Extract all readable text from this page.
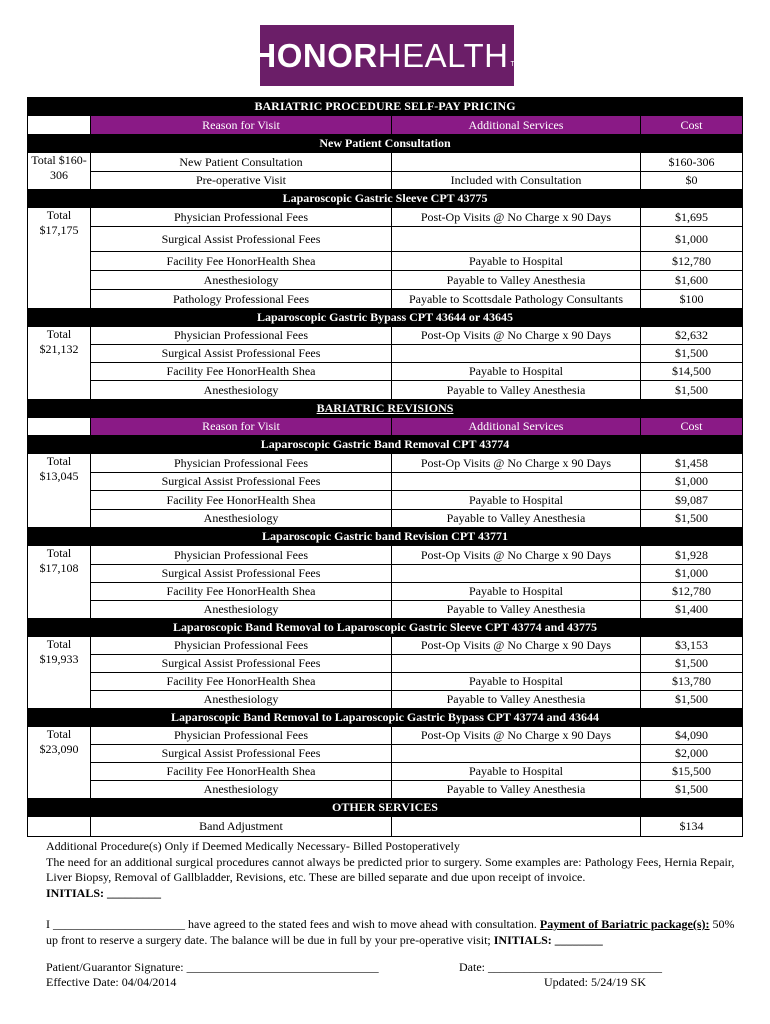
HONOR HEALTH TM
BARIATRIC PROCEDURE SELF-PAY PRICING			
	Reason for Visit	Additional Services	Cost
New Patient Consultation			
Total $160-306	New Patient Consultation		$160-306
	Pre-operative Visit	Included with Consultation	$0
Laparoscopic Gastric Sleeve CPT 43775			
Total $17,175	Physician Professional Fees	Post-Op Visits @ No Charge x 90 Days	$1,695
	Surgical Assist Professional Fees		$1,000
	Facility Fee HonorHealth Shea	Payable to Hospital	$12,780
	Anesthesiology	Payable to Valley Anesthesia	$1,600
	Pathology Professional Fees	Payable to Scottsdale Pathology Consultants	$100
Laparoscopic Gastric Bypass CPT 43644 or 43645			
Total $21,132	Physician Professional Fees	Post-Op Visits @ No Charge x 90 Days	$2,632
	Surgical Assist Professional Fees		$1,500
	Facility Fee HonorHealth Shea	Payable to Hospital	$14,500
	Anesthesiology	Payable to Valley Anesthesia	$1,500
BARIATRIC REVISIONS			
	Reason for Visit	Additional Services	Cost
Laparoscopic Gastric Band Removal CPT 43774			
Total $13,045	Physician Professional Fees	Post-Op Visits @ No Charge x 90 Days	$1,458
	Surgical Assist Professional Fees		$1,000
	Facility Fee HonorHealth Shea	Payable to Hospital	$9,087
	Anesthesiology	Payable to Valley Anesthesia	$1,500
Laparoscopic Gastric band Revision CPT 43771			
Total $17,108	Physician Professional Fees	Post-Op Visits @ No Charge x 90 Days	$1,928
	Surgical Assist Professional Fees		$1,000
	Facility Fee HonorHealth Shea	Payable to Hospital	$12,780
	Anesthesiology	Payable to Valley Anesthesia	$1,400
Laparoscopic Band Removal to Laparoscopic Gastric Sleeve CPT 43774 and 43775			
Total $19,933	Physician Professional Fees	Post-Op Visits @ No Charge x 90 Days	$3,153
	Surgical Assist Professional Fees		$1,500
	Facility Fee HonorHealth Shea	Payable to Hospital	$13,780
	Anesthesiology	Payable to Valley Anesthesia	$1,500
Laparoscopic Band Removal to Laparoscopic Gastric Bypass CPT 43774 and 43644			
Total $23,090	Physician Professional Fees	Post-Op Visits @ No Charge x 90 Days	$4,090
	Surgical Assist Professional Fees		$2,000
	Facility Fee HonorHealth Shea	Payable to Hospital	$15,500
	Anesthesiology	Payable to Valley Anesthesia	$1,500
OTHER SERVICES			
	Band Adjustment		$134

Additional Procedure(s) Only if Deemed Medically Necessary- Billed Postoperatively

The need for an additional surgical procedures cannot always be predicted prior to surgery. Some examples are: Pathology Fees, Hernia Repair, Liver Biopsy, Removal of Gallbladder, Revisions, etc. These are billed separate and due upon receipt of invoice.

INITIALS: _________

I ______________________ have agreed to the stated fees and wish to move ahead with consultation. Payment of Bariatric package(s): 50% up front to reserve a surgery date. The balance will be due in full by your pre-operative visit; INITIALS: ________

Patient/Guarantor Signature: ________________________________	Date: _____________________________
Effective Date: 04/04/2014	Updated: 5/24/19 SK
